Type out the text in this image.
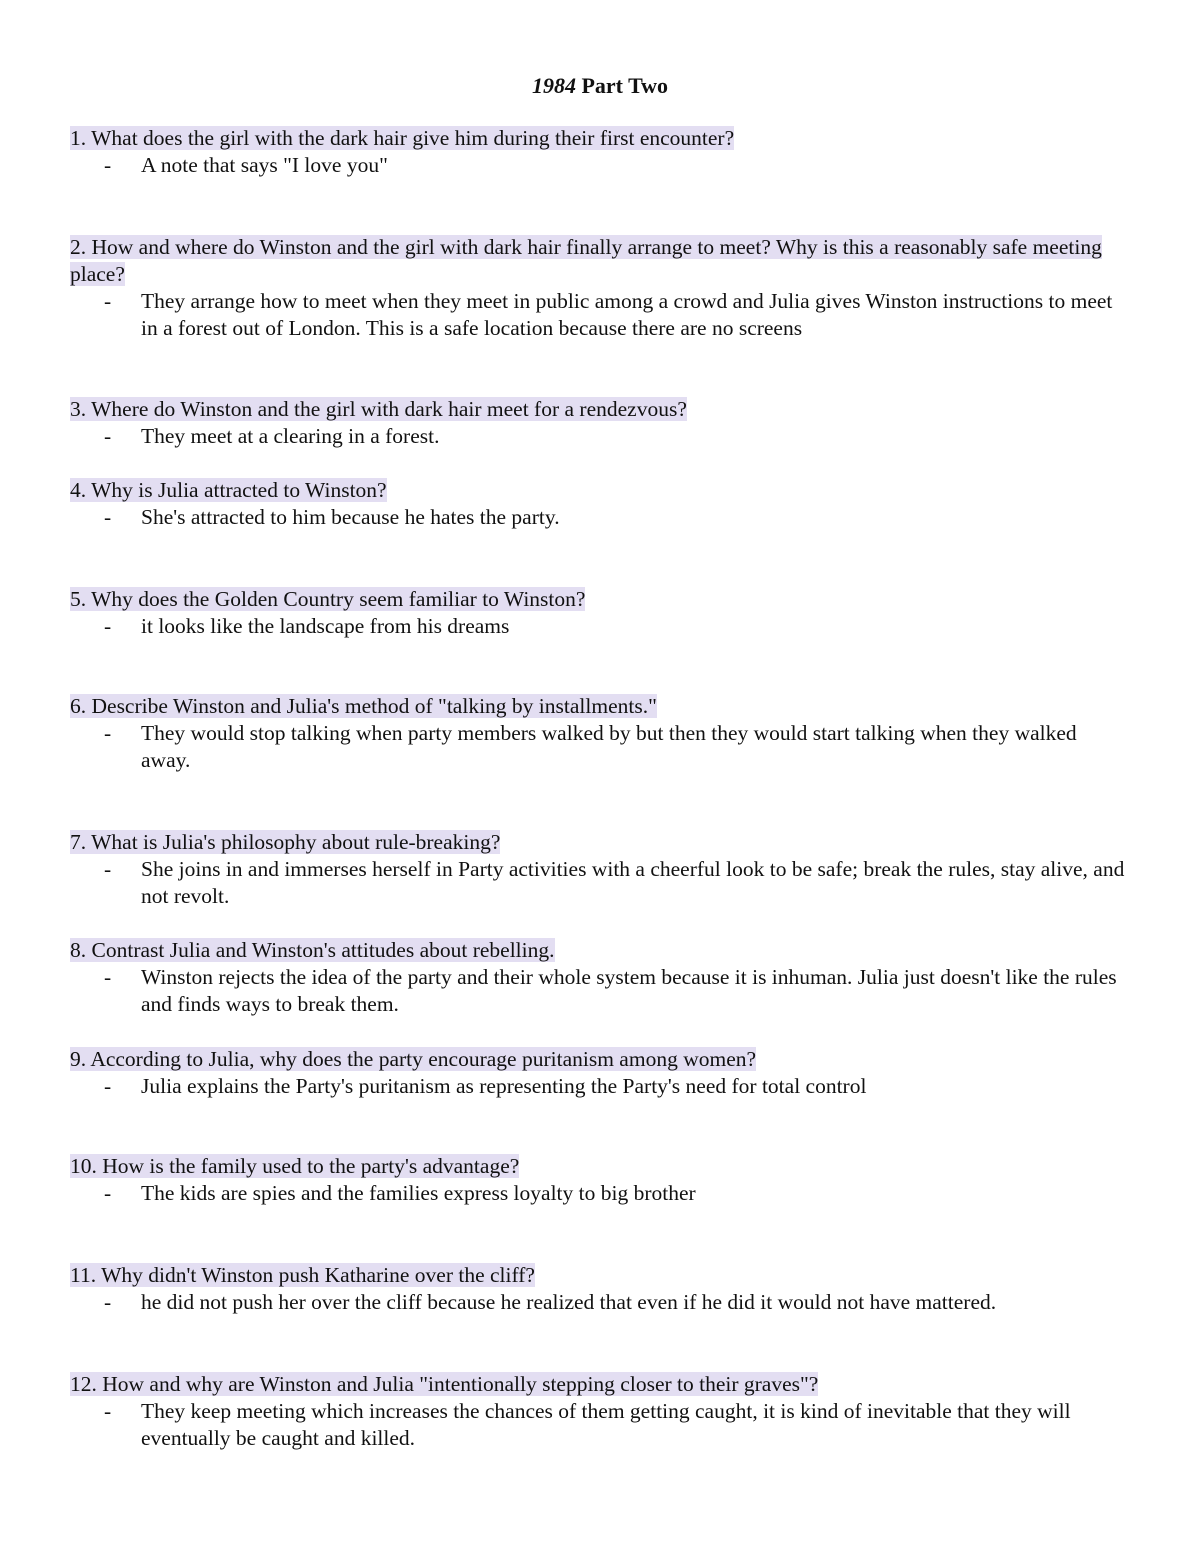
1984 Part Two

1. What does the girl with the dark hair give him during their first encounter?

- A note that says "I love you"

2. How and where do Winston and the girl with dark hair finally arrange to meet? Why is this a reasonably safe meeting place?

- They arrange how to meet when they meet in public among a crowd and Julia gives Winston instructions to meet in a forest out of London. This is a safe location because there are no screens

3. Where do Winston and the girl with dark hair meet for a rendezvous?

- They meet at a clearing in a forest.

4. Why is Julia attracted to Winston?

- She's attracted to him because he hates the party.

5. Why does the Golden Country seem familiar to Winston?

- it looks like the landscape from his dreams

6. Describe Winston and Julia's method of "talking by installments."

- They would stop talking when party members walked by but then they would start talking when they walked away.

7. What is Julia's philosophy about rule-breaking?

- She joins in and immerses herself in Party activities with a cheerful look to be safe; break the rules, stay alive, and not revolt.

8. Contrast Julia and Winston's attitudes about rebelling.

- Winston rejects the idea of the party and their whole system because it is inhuman. Julia just doesn't like the rules and finds ways to break them.

9. According to Julia, why does the party encourage puritanism among women?

- Julia explains the Party's puritanism as representing the Party's need for total control

10. How is the family used to the party's advantage?

- The kids are spies and the families express loyalty to big brother

11. Why didn't Winston push Katharine over the cliff?

- he did not push her over the cliff because he realized that even if he did it would not have mattered.

12. How and why are Winston and Julia "intentionally stepping closer to their graves"?

- They keep meeting which increases the chances of them getting caught, it is kind of inevitable that they will eventually be caught and killed.
